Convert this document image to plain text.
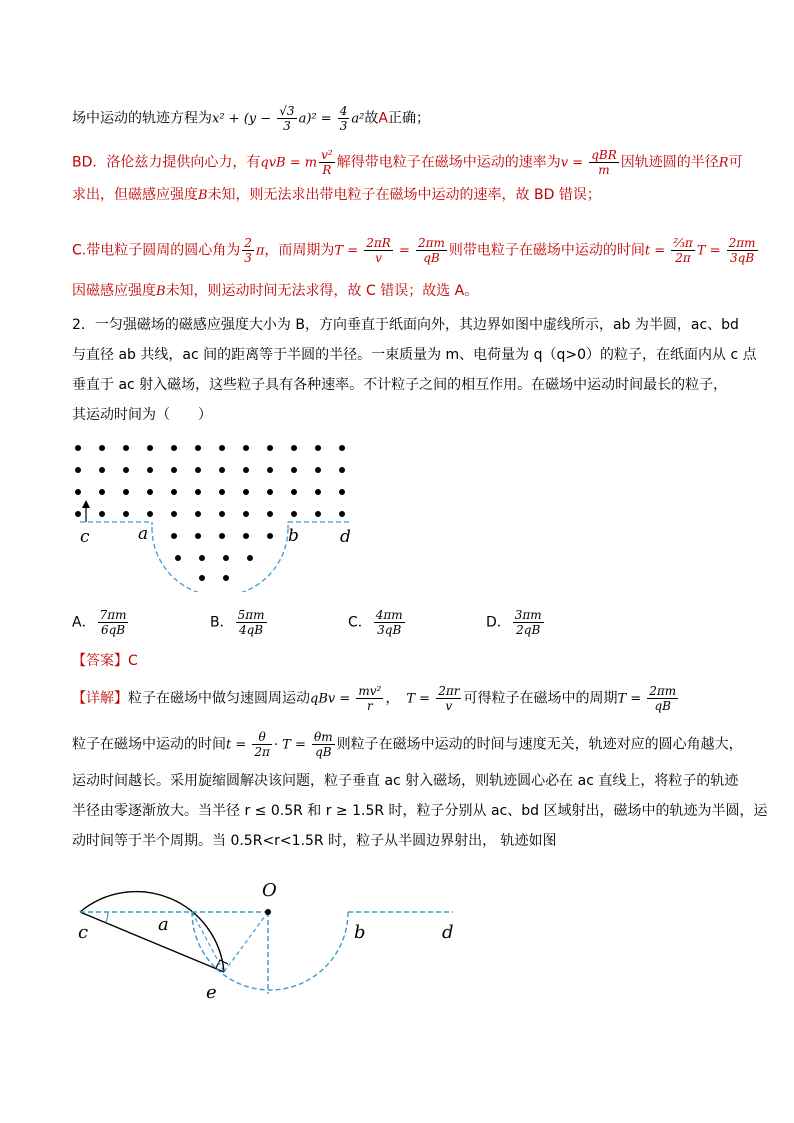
场中运动的轨迹方程为$x^2 + (y - \frac{√3}{3} a)^2 = \frac{4}{3} a^2$故A正确；
BD．洛伦兹力提供向心力，有qvB = m $\frac{\text{v²}}{R}$ 解得带电粒子在磁场中运动的速率为$v = \frac{\text{qBR}}{m}$ 因轨迹圆的半径R可
求出，但磁感应强度B未知，则无法求出带电粒子在磁场中运动的速率，故 BD 错误；
C.带电粒子圆周的圆心角为 $\frac{2}{3}$ π，而周期为$T = \frac{2\pi R}{v} = \frac{2\pi m}{qB}$ 则带电粒子在磁场中运动的时间$t = \frac{\text{⅔π}}{2\pi}$ $T = \frac{2\pi m}{3qB}$
因磁感应强度B未知，则运动时间无法求得，故 C 错误；故选 A。
2．一匀强磁场的磁感应强度大小为 B，方向垂直于纸面向外，其边界如图中虚线所示，ab 为半圆，ac、bd
与直径 ab 共线，ac 间的距离等于半圆的半径。一束质量为 m、电荷量为 q（q>0）的粒子，在纸面内从 c 点
垂直于 ac 射入磁场，这些粒子具有各种速率。不计粒子之间的相互作用。在磁场中运动时间最长的粒子，
其运动时间为（　　）
c	a	b d
A． $\frac{7\pi m}{6qB}$	B． $\frac{5\pi m}{4qB}$	C． $\frac{4\pi m}{3qB}$	D． $\frac{3\pi m}{2qB}$
【答案】C
【详解】粒子在磁场中做匀速圆周运动qBv = $\frac{\text{mv²}}{r}$ ，　 $T = \frac{2\pi r}{v}$ 可得粒子在磁场中的周期$T = \frac{2\pi m}{qB}$
粒子在磁场中运动的时间$t = \frac{\theta}{2\pi} \cdot T = \frac{\theta m}{qB}$ 则粒子在磁场中运动的时间与速度无关，轨迹对应的圆心角越大，
运动时间越长。采用旋缩圆解决该问题，粒子垂直 ac 射入磁场，则轨迹圆心必在 ac 直线上，将粒子的轨迹
半径由零逐渐放大。当半径 r ≤ 0.5R 和 r ≥ 1.5R 时，粒子分别从 ac、bd 区域射出，磁场中的轨迹为半圆，运
动时间等于半个周期。当 0.5R<r<1.5R 时，粒子从半圆边界射出， 轨迹如图
O
c	a	b	d
e
